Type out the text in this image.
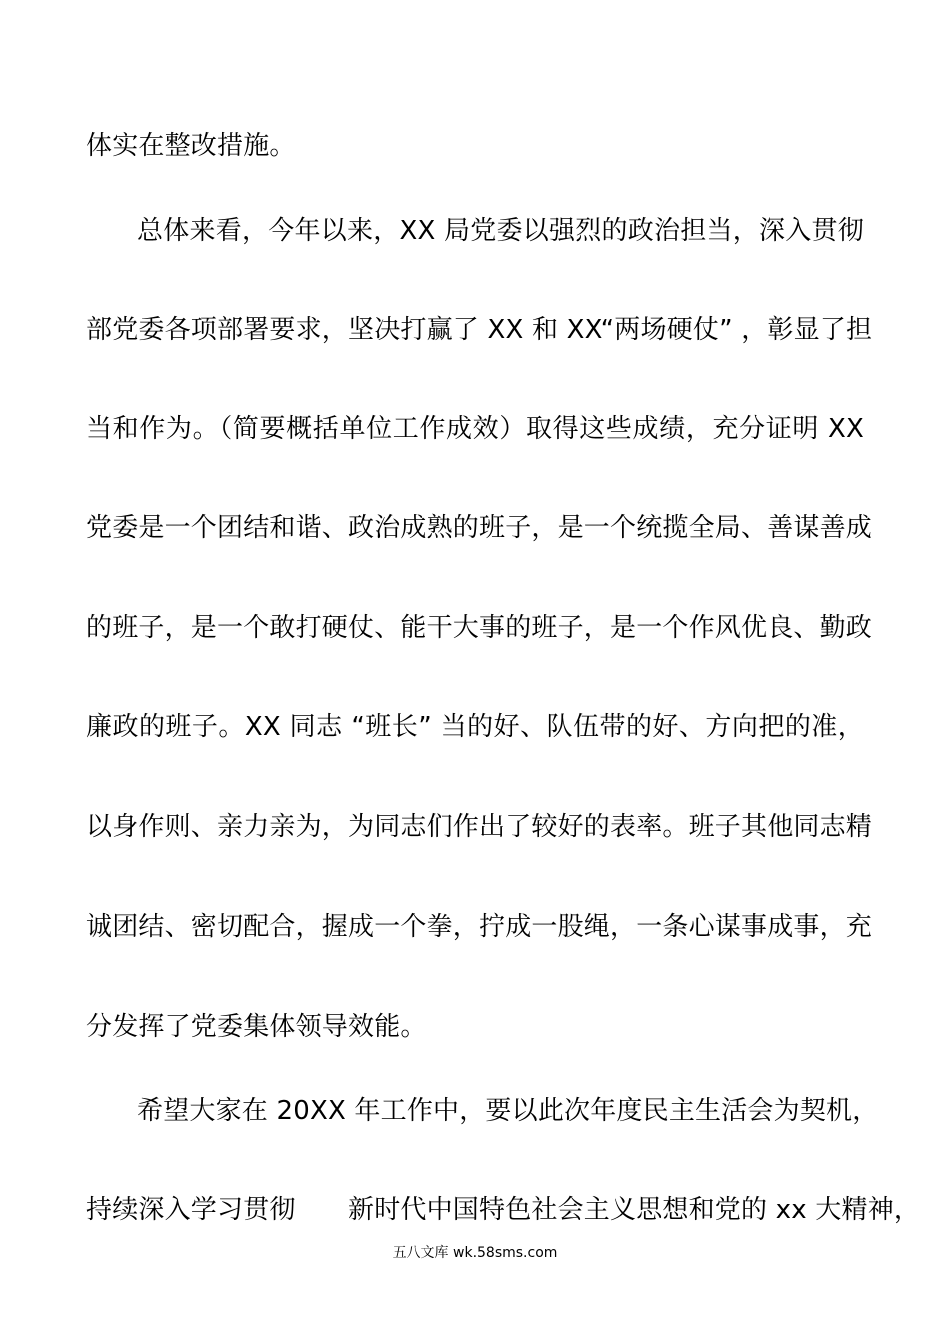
体实在整改措施。
总体来看，今年以来，XX 局党委以强烈的政治担当，深入贯彻
部党委各项部署要求，坚决打赢了 XX 和 XX“两场硬仗” ，彰显了担
当和作为。（简要概括单位工作成效）取得这些成绩，充分证明 XX
党委是一个团结和谐、政治成熟的班子，是一个统揽全局、善谋善成
的班子，是一个敢打硬仗、能干大事的班子，是一个作风优良、勤政
廉政的班子。XX 同志 “班长” 当的好、队伍带的好、方向把的准，
以身作则、亲力亲为，为同志们作出了较好的表率。班子其他同志精
诚团结、密切配合，握成一个拳，拧成一股绳，一条心谋事成事，充
分发挥了党委集体领导效能。
希望大家在 20XX 年工作中，要以此次年度民主生活会为契机，
持续深入学习贯彻　　新时代中国特色社会主义思想和党的 xx 大精神，
五八文库 wk.58sms.com
